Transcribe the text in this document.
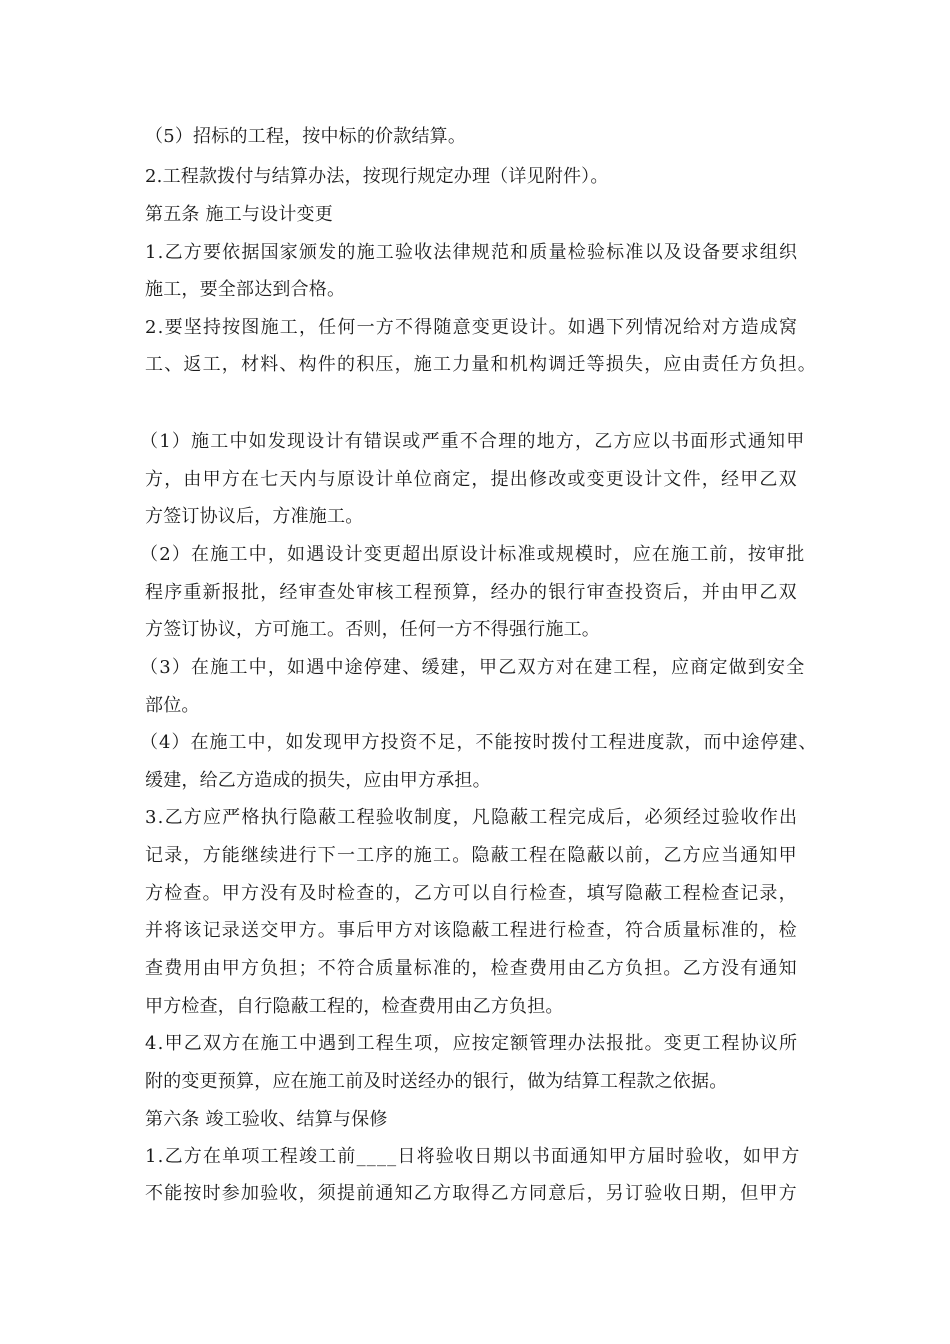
（5）招标的工程，按中标的价款结算。
2.工程款拨付与结算办法，按现行规定办理（详见附件）。
第五条 施工与设计变更
1.乙方要依据国家颁发的施工验收法律规范和质量检验标准以及设备要求组织
施工，要全部达到合格。
2.要坚持按图施工，任何一方不得随意变更设计。如遇下列情况给对方造成窝
工、返工，材料、构件的积压，施工力量和机构调迁等损失，应由责任方负担。
（1）施工中如发现设计有错误或严重不合理的地方，乙方应以书面形式通知甲
方，由甲方在七天内与原设计单位商定，提出修改或变更设计文件，经甲乙双
方签订协议后，方准施工。
（2）在施工中，如遇设计变更超出原设计标准或规模时，应在施工前，按审批
程序重新报批，经审查处审核工程预算，经办的银行审查投资后，并由甲乙双
方签订协议，方可施工。否则，任何一方不得强行施工。
（3）在施工中，如遇中途停建、缓建，甲乙双方对在建工程，应商定做到安全
部位。
（4）在施工中，如发现甲方投资不足，不能按时拨付工程进度款，而中途停建、
缓建，给乙方造成的损失，应由甲方承担。
3.乙方应严格执行隐蔽工程验收制度，凡隐蔽工程完成后，必须经过验收作出
记录，方能继续进行下一工序的施工。隐蔽工程在隐蔽以前，乙方应当通知甲
方检查。甲方没有及时检查的，乙方可以自行检查，填写隐蔽工程检查记录，
并将该记录送交甲方。事后甲方对该隐蔽工程进行检查，符合质量标准的，检
查费用由甲方负担；不符合质量标准的，检查费用由乙方负担。乙方没有通知
甲方检查，自行隐蔽工程的，检查费用由乙方负担。
4.甲乙双方在施工中遇到工程生项，应按定额管理办法报批。变更工程协议所
附的变更预算，应在施工前及时送经办的银行，做为结算工程款之依据。
第六条 竣工验收、结算与保修
1.乙方在单项工程竣工前____日将验收日期以书面通知甲方届时验收，如甲方
不能按时参加验收，须提前通知乙方取得乙方同意后，另订验收日期，但甲方
